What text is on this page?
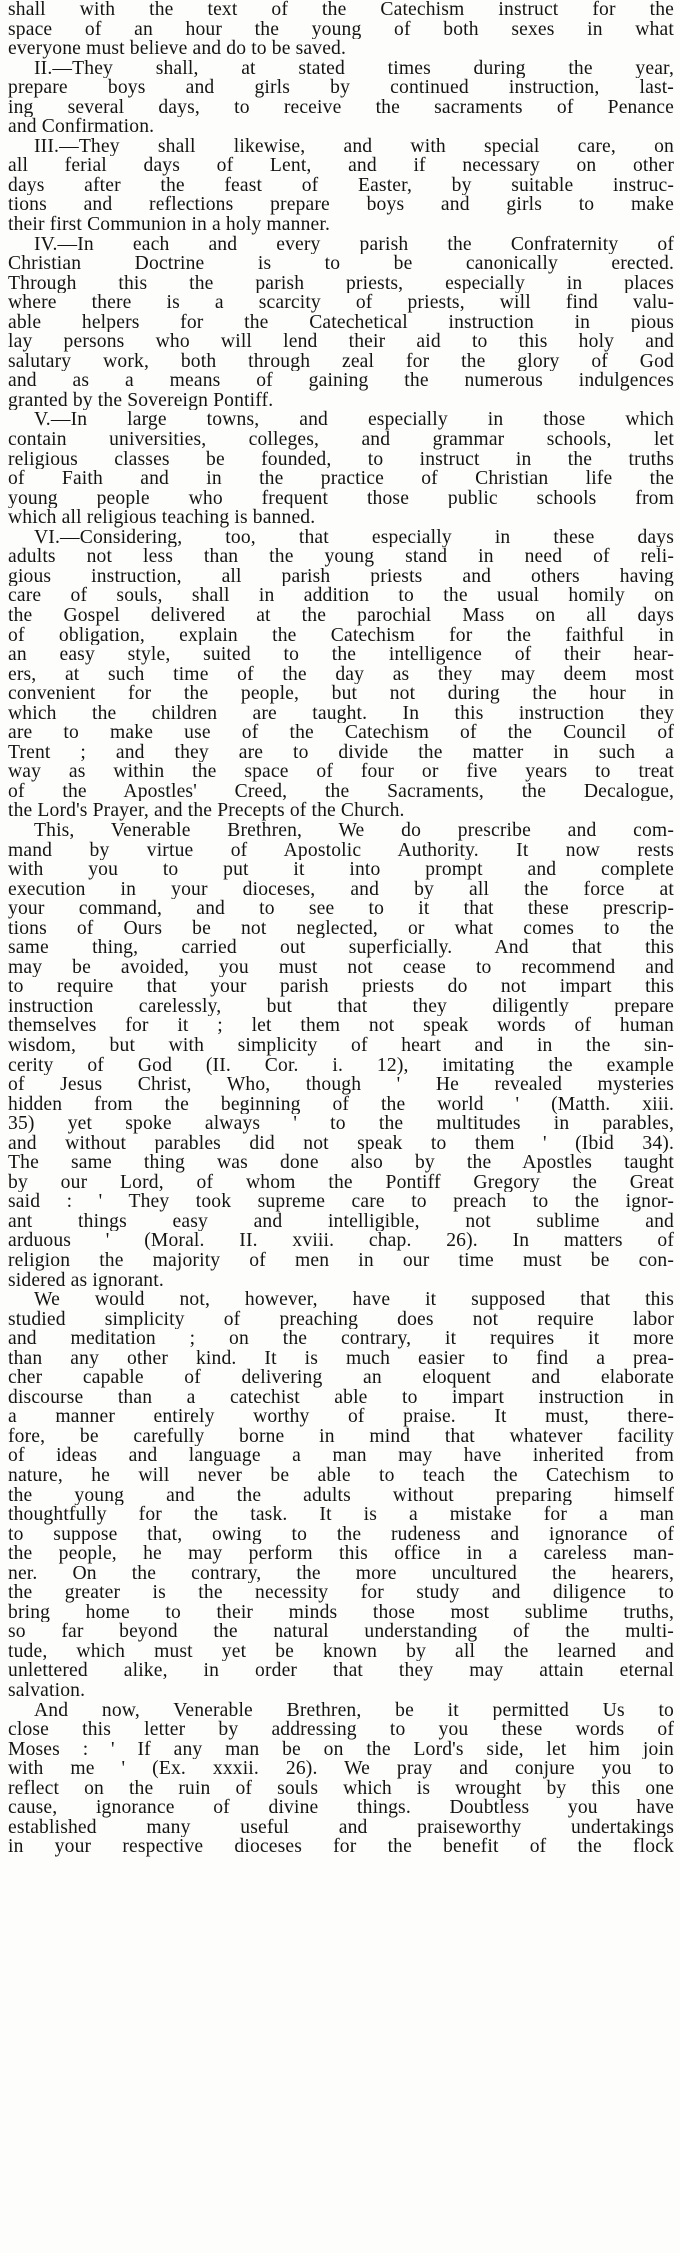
shall with the text of the Catechism instruct for the
space of an hour the young of both sexes in what
everyone must believe and do to be saved.
II.—They shall, at stated times during the year,
prepare boys and girls by continued instruction, last-
ing several days, to receive the sacraments of Penance
and Confirmation.
III.—They shall likewise, and with special care, on
all ferial days of Lent, and if necessary on other
days after the feast of Easter, by suitable instruc-
tions and reflections prepare boys and girls to make
their first Communion in a holy manner.
IV.—In each and every parish the Confraternity of
Christian Doctrine is to be canonically erected.
Through this the parish priests, especially in places
where there is a scarcity of priests, will find valu-
able helpers for the Catechetical instruction in pious
lay persons who will lend their aid to this holy and
salutary work, both through zeal for the glory of God
and as a means of gaining the numerous indulgences
granted by the Sovereign Pontiff.
V.—In large towns, and especially in those which
contain universities, colleges, and grammar schools, let
religious classes be founded, to instruct in the truths
of Faith and in the practice of Christian life the
young people who frequent those public schools from
which all religious teaching is banned.
VI.—Considering, too, that especially in these days
adults not less than the young stand in need of reli-
gious instruction, all parish priests and others having
care of souls, shall in addition to the usual homily on
the Gospel delivered at the parochial Mass on all days
of obligation, explain the Catechism for the faithful in
an easy style, suited to the intelligence of their hear-
ers, at such time of the day as they may deem most
convenient for the people, but not during the hour in
which the children are taught. In this instruction they
are to make use of the Catechism of the Council of
Trent ; and they are to divide the matter in such a
way as within the space of four or five years to treat
of the Apostles' Creed, the Sacraments, the Decalogue,
the Lord's Prayer, and the Precepts of the Church.
This, Venerable Brethren, We do prescribe and com-
mand by virtue of Apostolic Authority. It now rests
with you to put it into prompt and complete
execution in your dioceses, and by all the force at
your command, and to see to it that these prescrip-
tions of Ours be not neglected, or what comes to the
same thing, carried out superficially. And that this
may be avoided, you must not cease to recommend and
to require that your parish priests do not impart this
instruction carelessly, but that they diligently prepare
themselves for it ; let them not speak words of human
wisdom, but with simplicity of heart and in the sin-
cerity of God (II. Cor. i. 12), imitating the example
of Jesus Christ, Who, though ' He revealed mysteries
hidden from the beginning of the world ' (Matth. xiii.
35) yet spoke always ' to the multitudes in parables,
and without parables did not speak to them ' (Ibid 34).
The same thing was done also by the Apostles taught
by our Lord, of whom the Pontiff Gregory the Great
said : ' They took supreme care to preach to the ignor-
ant things easy and intelligible, not sublime and
arduous ' (Moral. II. xviii. chap. 26). In matters of
religion the majority of men in our time must be con-
sidered as ignorant.
We would not, however, have it supposed that this
studied simplicity of preaching does not require labor
and meditation ; on the contrary, it requires it more
than any other kind. It is much easier to find a prea-
cher capable of delivering an eloquent and elaborate
discourse than a catechist able to impart instruction in
a manner entirely worthy of praise. It must, there-
fore, be carefully borne in mind that whatever facility
of ideas and language a man may have inherited from
nature, he will never be able to teach the Catechism to
the young and the adults without preparing himself
thoughtfully for the task. It is a mistake for a man
to suppose that, owing to the rudeness and ignorance of
the people, he may perform this office in a careless man-
ner. On the contrary, the more uncultured the hearers,
the greater is the necessity for study and diligence to
bring home to their minds those most sublime truths,
so far beyond the natural understanding of the multi-
tude, which must yet be known by all the learned and
unlettered alike, in order that they may attain eternal
salvation.
And now, Venerable Brethren, be it permitted Us to
close this letter by addressing to you these words of
Moses : ' If any man be on the Lord's side, let him join
with me ' (Ex. xxxii. 26). We pray and conjure you to
reflect on the ruin of souls which is wrought by this one
cause, ignorance of divine things. Doubtless you have
established many useful and praiseworthy undertakings
in your respective dioceses for the benefit of the flock
